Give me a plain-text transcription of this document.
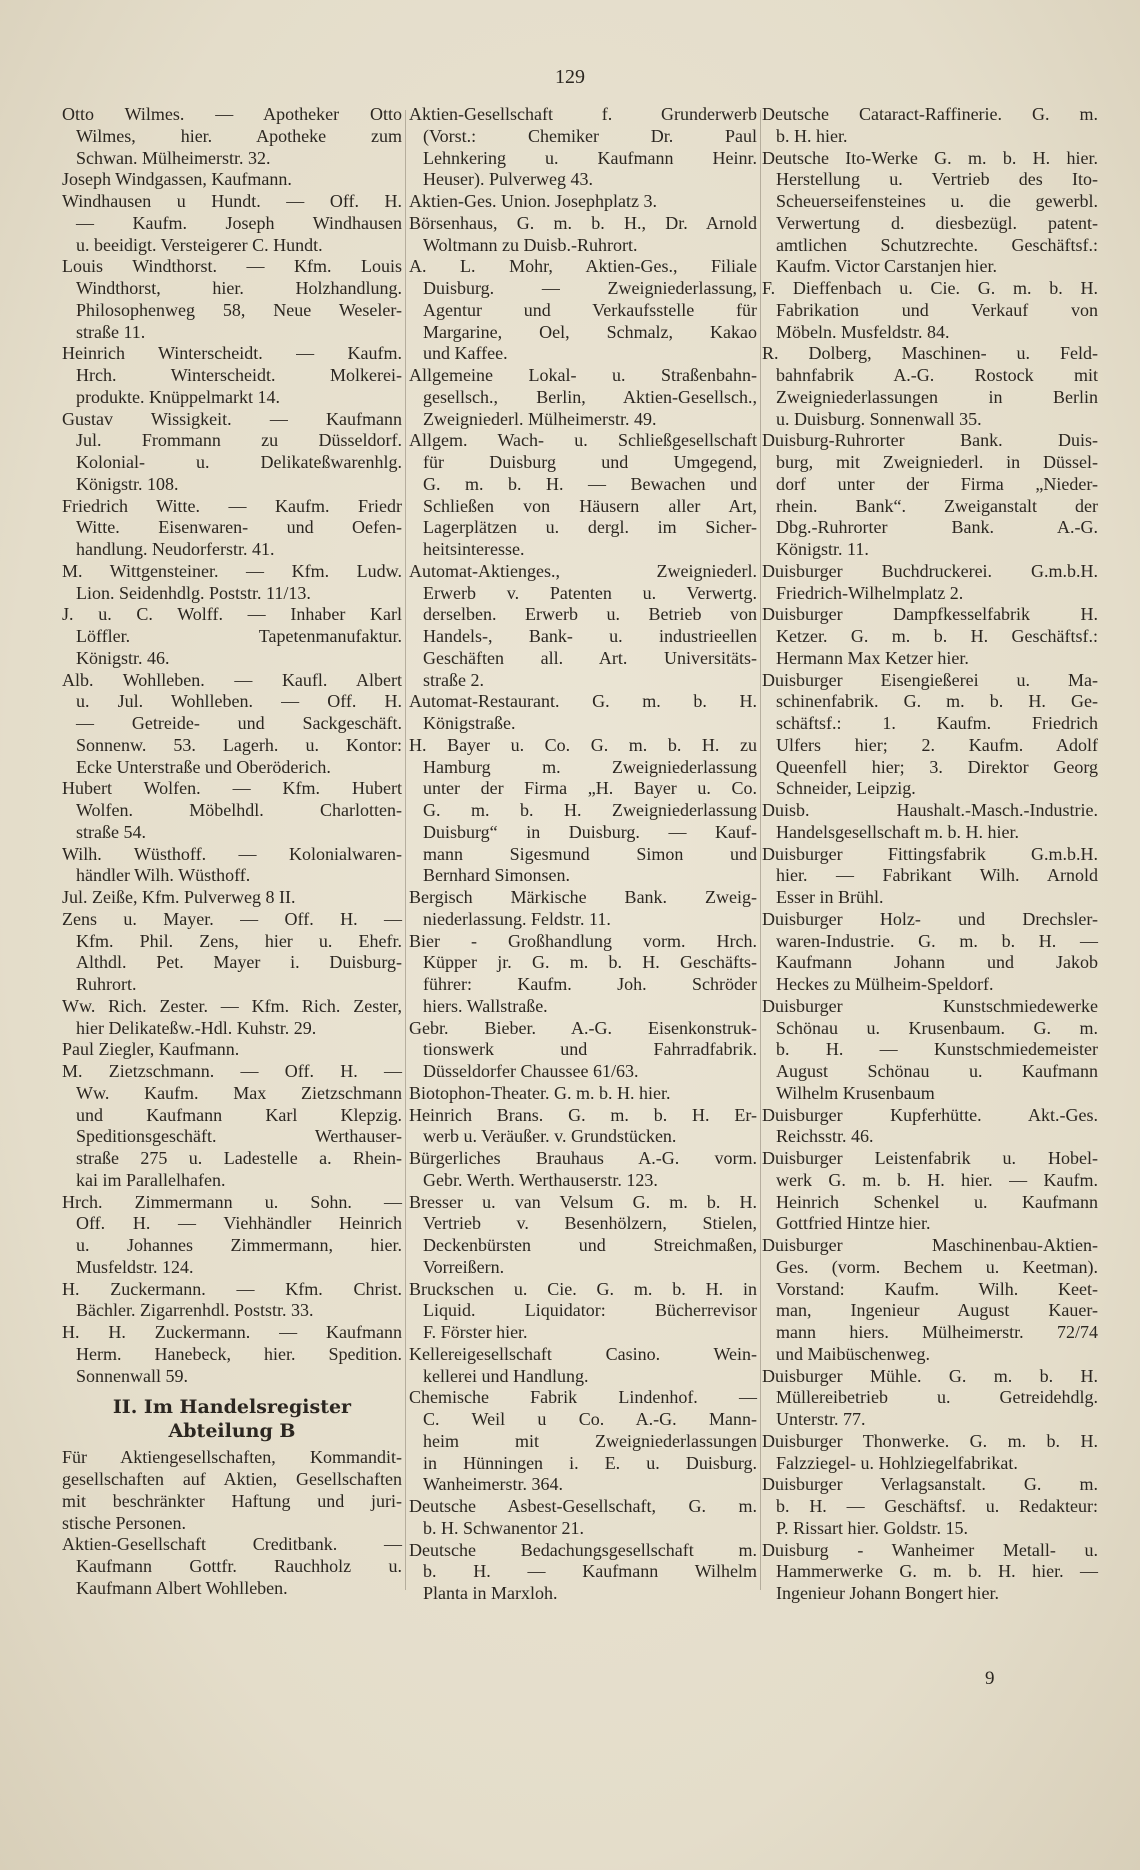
129
Otto Wilmes. — Apotheker Otto
Wilmes, hier. Apotheke zum
Schwan. Mülheimerstr. 32.
Joseph Windgassen, Kaufmann.
Windhausen u Hundt. — Off. H.
— Kaufm. Joseph Windhausen
u. beeidigt. Versteigerer C. Hundt.
Louis Windthorst. — Kfm. Louis
Windthorst, hier. Holzhandlung.
Philosophenweg 58, Neue Weseler-
straße 11.
Heinrich Winterscheidt. — Kaufm.
Hrch. Winterscheidt. Molkerei-
produkte. Knüppelmarkt 14.
Gustav Wissigkeit. — Kaufmann
Jul. Frommann zu Düsseldorf.
Kolonial- u. Delikateßwarenhlg.
Königstr. 108.
Friedrich Witte. — Kaufm. Friedr
Witte. Eisenwaren- und Oefen-
handlung. Neudorferstr. 41.
M. Wittgensteiner. — Kfm. Ludw.
Lion. Seidenhdlg. Poststr. 11/13.
J. u. C. Wolff. — Inhaber Karl
Löffler. Tapetenmanufaktur.
Königstr. 46.
Alb. Wohlleben. — Kaufl. Albert
u. Jul. Wohlleben. — Off. H.
— Getreide- und Sackgeschäft.
Sonnenw. 53. Lagerh. u. Kontor:
Ecke Unterstraße und Oberöderich.
Hubert Wolfen. — Kfm. Hubert
Wolfen. Möbelhdl. Charlotten-
straße 54.
Wilh. Wüsthoff. — Kolonialwaren-
händler Wilh. Wüsthoff.
Jul. Zeiße, Kfm. Pulverweg 8 II.
Zens u. Mayer. — Off. H. —
Kfm. Phil. Zens, hier u. Ehefr.
Althdl. Pet. Mayer i. Duisburg-
Ruhrort.
Ww. Rich. Zester. — Kfm. Rich. Zester,
hier Delikateßw.-Hdl. Kuhstr. 29.
Paul Ziegler, Kaufmann.
M. Zietzschmann. — Off. H. —
Ww. Kaufm. Max Zietzschmann
und Kaufmann Karl Klepzig.
Speditionsgeschäft. Werthauser-
straße 275 u. Ladestelle a. Rhein-
kai im Parallelhafen.
Hrch. Zimmermann u. Sohn. —
Off. H. — Viehhändler Heinrich
u. Johannes Zimmermann, hier.
Musfeldstr. 124.
H. Zuckermann. — Kfm. Christ.
Bächler. Zigarrenhdl. Poststr. 33.
H. H. Zuckermann. — Kaufmann
Herm. Hanebeck, hier. Spedition.
Sonnenwall 59.
II. Im Handelsregister
Abteilung B
Für Aktiengesellschaften, Kommandit-
gesellschaften auf Aktien, Gesellschaften
mit beschränkter Haftung und juri-
stische Personen.
Aktien-Gesellschaft Creditbank. —
Kaufmann Gottfr. Rauchholz u.
Kaufmann Albert Wohlleben.
Aktien-Gesellschaft f. Grunderwerb
(Vorst.: Chemiker Dr. Paul
Lehnkering u. Kaufmann Heinr.
Heuser). Pulverweg 43.
Aktien-Ges. Union. Josephplatz 3.
Börsenhaus, G. m. b. H., Dr. Arnold
Woltmann zu Duisb.-Ruhrort.
A. L. Mohr, Aktien-Ges., Filiale
Duisburg. — Zweigniederlassung,
Agentur und Verkaufsstelle für
Margarine, Oel, Schmalz, Kakao
und Kaffee.
Allgemeine Lokal- u. Straßenbahn-
gesellsch., Berlin, Aktien-Gesellsch.,
Zweigniederl. Mülheimerstr. 49.
Allgem. Wach- u. Schließgesellschaft
für Duisburg und Umgegend,
G. m. b. H. — Bewachen und
Schließen von Häusern aller Art,
Lagerplätzen u. dergl. im Sicher-
heitsinteresse.
Automat-Aktienges., Zweigniederl.
Erwerb v. Patenten u. Verwertg.
derselben. Erwerb u. Betrieb von
Handels-, Bank- u. industrieellen
Geschäften all. Art. Universitäts-
straße 2.
Automat-Restaurant. G. m. b. H.
Königstraße.
H. Bayer u. Co. G. m. b. H. zu
Hamburg m. Zweigniederlassung
unter der Firma „H. Bayer u. Co.
G. m. b. H. Zweigniederlassung
Duisburg“ in Duisburg. — Kauf-
mann Sigesmund Simon und
Bernhard Simonsen.
Bergisch Märkische Bank. Zweig-
niederlassung. Feldstr. 11.
Bier - Großhandlung vorm. Hrch.
Küpper jr. G. m. b. H. Geschäfts-
führer: Kaufm. Joh. Schröder
hiers. Wallstraße.
Gebr. Bieber. A.-G. Eisenkonstruk-
tionswerk und Fahrradfabrik.
Düsseldorfer Chaussee 61/63.
Biotophon-Theater. G. m. b. H. hier.
Heinrich Brans. G. m. b. H. Er-
werb u. Veräußer. v. Grundstücken.
Bürgerliches Brauhaus A.-G. vorm.
Gebr. Werth. Werthauserstr. 123.
Bresser u. van Velsum G. m. b. H.
Vertrieb v. Besenhölzern, Stielen,
Deckenbürsten und Streichmaßen,
Vorreißern.
Bruckschen u. Cie. G. m. b. H. in
Liquid. Liquidator: Bücherrevisor
F. Förster hier.
Kellereigesellschaft Casino. Wein-
kellerei und Handlung.
Chemische Fabrik Lindenhof. —
C. Weil u Co. A.-G. Mann-
heim mit Zweigniederlassungen
in Hünningen i. E. u. Duisburg.
Wanheimerstr. 364.
Deutsche Asbest-Gesellschaft, G. m.
b. H. Schwanentor 21.
Deutsche Bedachungsgesellschaft m.
b. H. — Kaufmann Wilhelm
Planta in Marxloh.
Deutsche Cataract-Raffinerie. G. m.
b. H. hier.
Deutsche Ito-Werke G. m. b. H. hier.
Herstellung u. Vertrieb des Ito-
Scheuerseifensteines u. die gewerbl.
Verwertung d. diesbezügl. patent-
amtlichen Schutzrechte. Geschäftsf.:
Kaufm. Victor Carstanjen hier.
F. Dieffenbach u. Cie. G. m. b. H.
Fabrikation und Verkauf von
Möbeln. Musfeldstr. 84.
R. Dolberg, Maschinen- u. Feld-
bahnfabrik A.-G. Rostock mit
Zweigniederlassungen in Berlin
u. Duisburg. Sonnenwall 35.
Duisburg-Ruhrorter Bank. Duis-
burg, mit Zweigniederl. in Düssel-
dorf unter der Firma „Nieder-
rhein. Bank“. Zweiganstalt der
Dbg.-Ruhrorter Bank. A.-G.
Königstr. 11.
Duisburger Buchdruckerei. G.m.b.H.
Friedrich-Wilhelmplatz 2.
Duisburger Dampfkesselfabrik H.
Ketzer. G. m. b. H. Geschäftsf.:
Hermann Max Ketzer hier.
Duisburger Eisengießerei u. Ma-
schinenfabrik. G. m. b. H. Ge-
schäftsf.: 1. Kaufm. Friedrich
Ulfers hier; 2. Kaufm. Adolf
Queenfell hier; 3. Direktor Georg
Schneider, Leipzig.
Duisb. Haushalt.-Masch.-Industrie.
Handelsgesellschaft m. b. H. hier.
Duisburger Fittingsfabrik G.m.b.H.
hier. — Fabrikant Wilh. Arnold
Esser in Brühl.
Duisburger Holz- und Drechsler-
waren-Industrie. G. m. b. H. —
Kaufmann Johann und Jakob
Heckes zu Mülheim-Speldorf.
Duisburger Kunstschmiedewerke
Schönau u. Krusenbaum. G. m.
b. H. — Kunstschmiedemeister
August Schönau u. Kaufmann
Wilhelm Krusenbaum
Duisburger Kupferhütte. Akt.-Ges.
Reichsstr. 46.
Duisburger Leistenfabrik u. Hobel-
werk G. m. b. H. hier. — Kaufm.
Heinrich Schenkel u. Kaufmann
Gottfried Hintze hier.
Duisburger Maschinenbau-Aktien-
Ges. (vorm. Bechem u. Keetman).
Vorstand: Kaufm. Wilh. Keet-
man, Ingenieur August Kauer-
mann hiers. Mülheimerstr. 72/74
und Maibüschenweg.
Duisburger Mühle. G. m. b. H.
Müllereibetrieb u. Getreidehdlg.
Unterstr. 77.
Duisburger Thonwerke. G. m. b. H.
Falzziegel- u. Hohlziegelfabrikat.
Duisburger Verlagsanstalt. G. m.
b. H. — Geschäftsf. u. Redakteur:
P. Rissart hier. Goldstr. 15.
Duisburg - Wanheimer Metall- u.
Hammerwerke G. m. b. H. hier. —
Ingenieur Johann Bongert hier.
9
